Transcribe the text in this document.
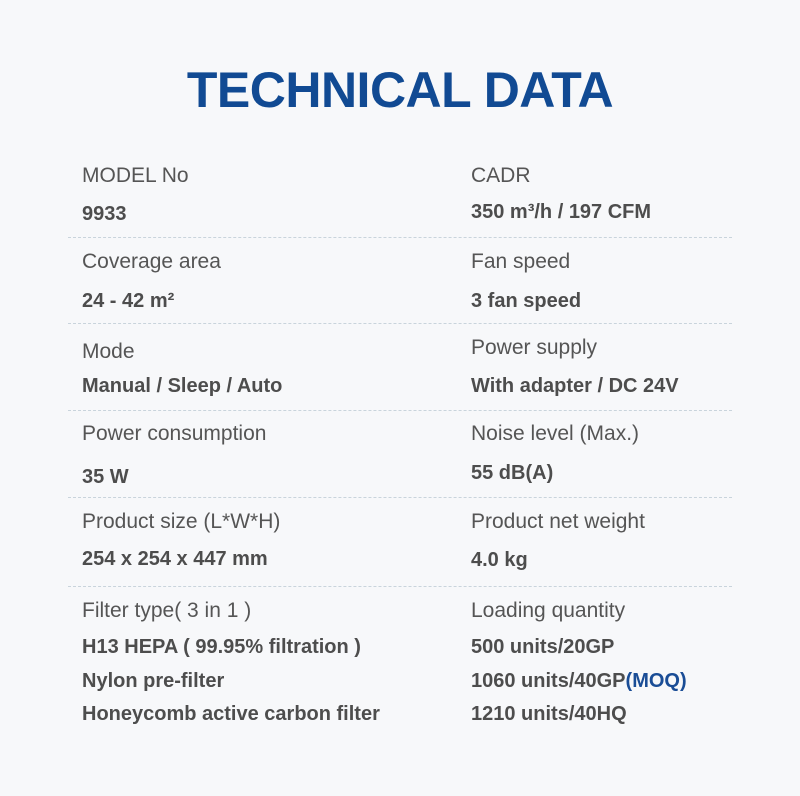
TECHNICAL DATA
MODEL No
9933
CADR
350 m³/h / 197 CFM
Coverage area
24 - 42 m²
Fan speed
3 fan speed
Mode
Manual / Sleep / Auto
Power supply
With adapter / DC 24V
Power consumption
35 W
Noise level (Max.)
55 dB(A)
Product size (L*W*H)
254 x 254 x 447 mm
Product net weight
4.0 kg
Filter type( 3 in 1 )
H13 HEPA ( 99.95% filtration )
Nylon pre-filter
Honeycomb active carbon filter
Loading quantity
500 units/20GP
1060 units/40GP(MOQ)
1210 units/40HQ
